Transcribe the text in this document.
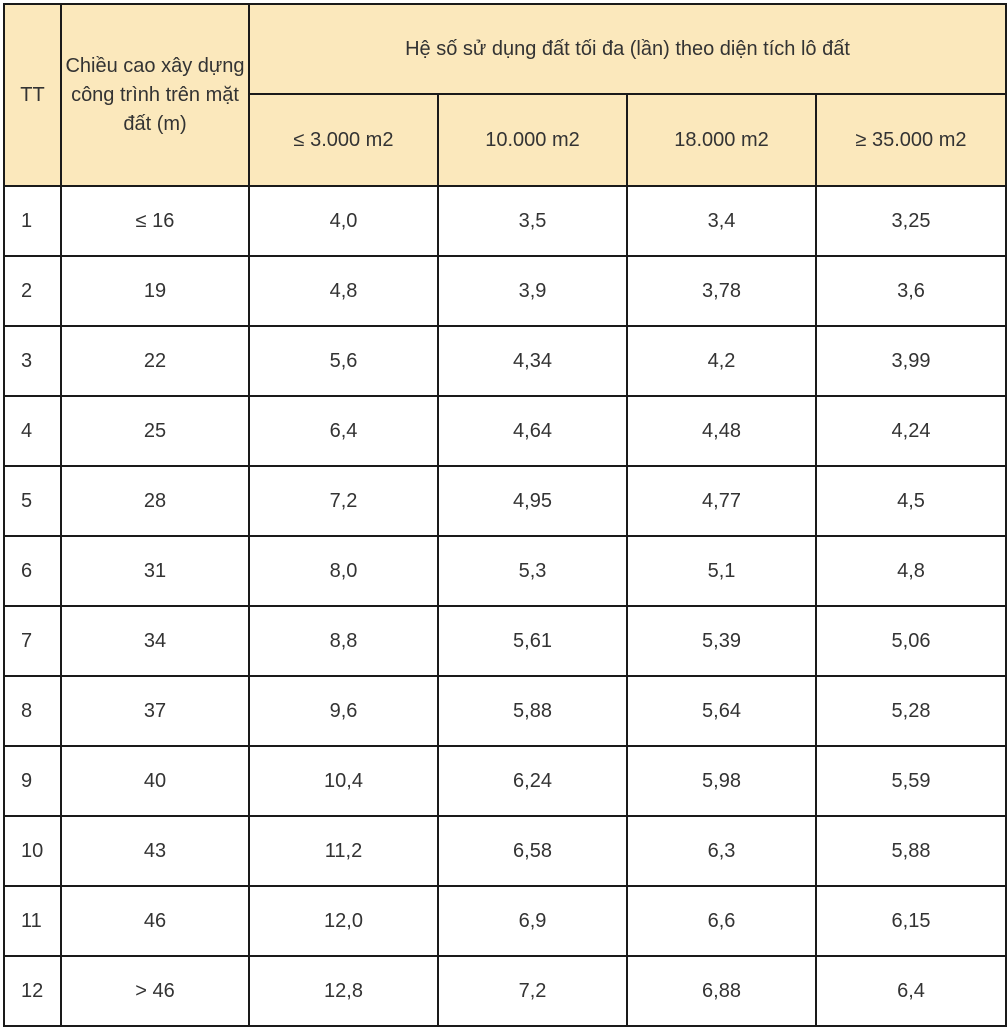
TT	Chiều cao xây dựng công trình trên mặt đất (m)	Hệ số sử dụng đất tối đa (lần) theo diện tích lô đất			
		≤ 3.000 m2	10.000 m2	18.000 m2	≥ 35.000 m2
1	≤ 16	4,0	3,5	3,4	3,25
2	19	4,8	3,9	3,78	3,6
3	22	5,6	4,34	4,2	3,99
4	25	6,4	4,64	4,48	4,24
5	28	7,2	4,95	4,77	4,5
6	31	8,0	5,3	5,1	4,8
7	34	8,8	5,61	5,39	5,06
8	37	9,6	5,88	5,64	5,28
9	40	10,4	6,24	5,98	5,59
10	43	11,2	6,58	6,3	5,88
11	46	12,0	6,9	6,6	6,15
12	> 46	12,8	7,2	6,88	6,4
